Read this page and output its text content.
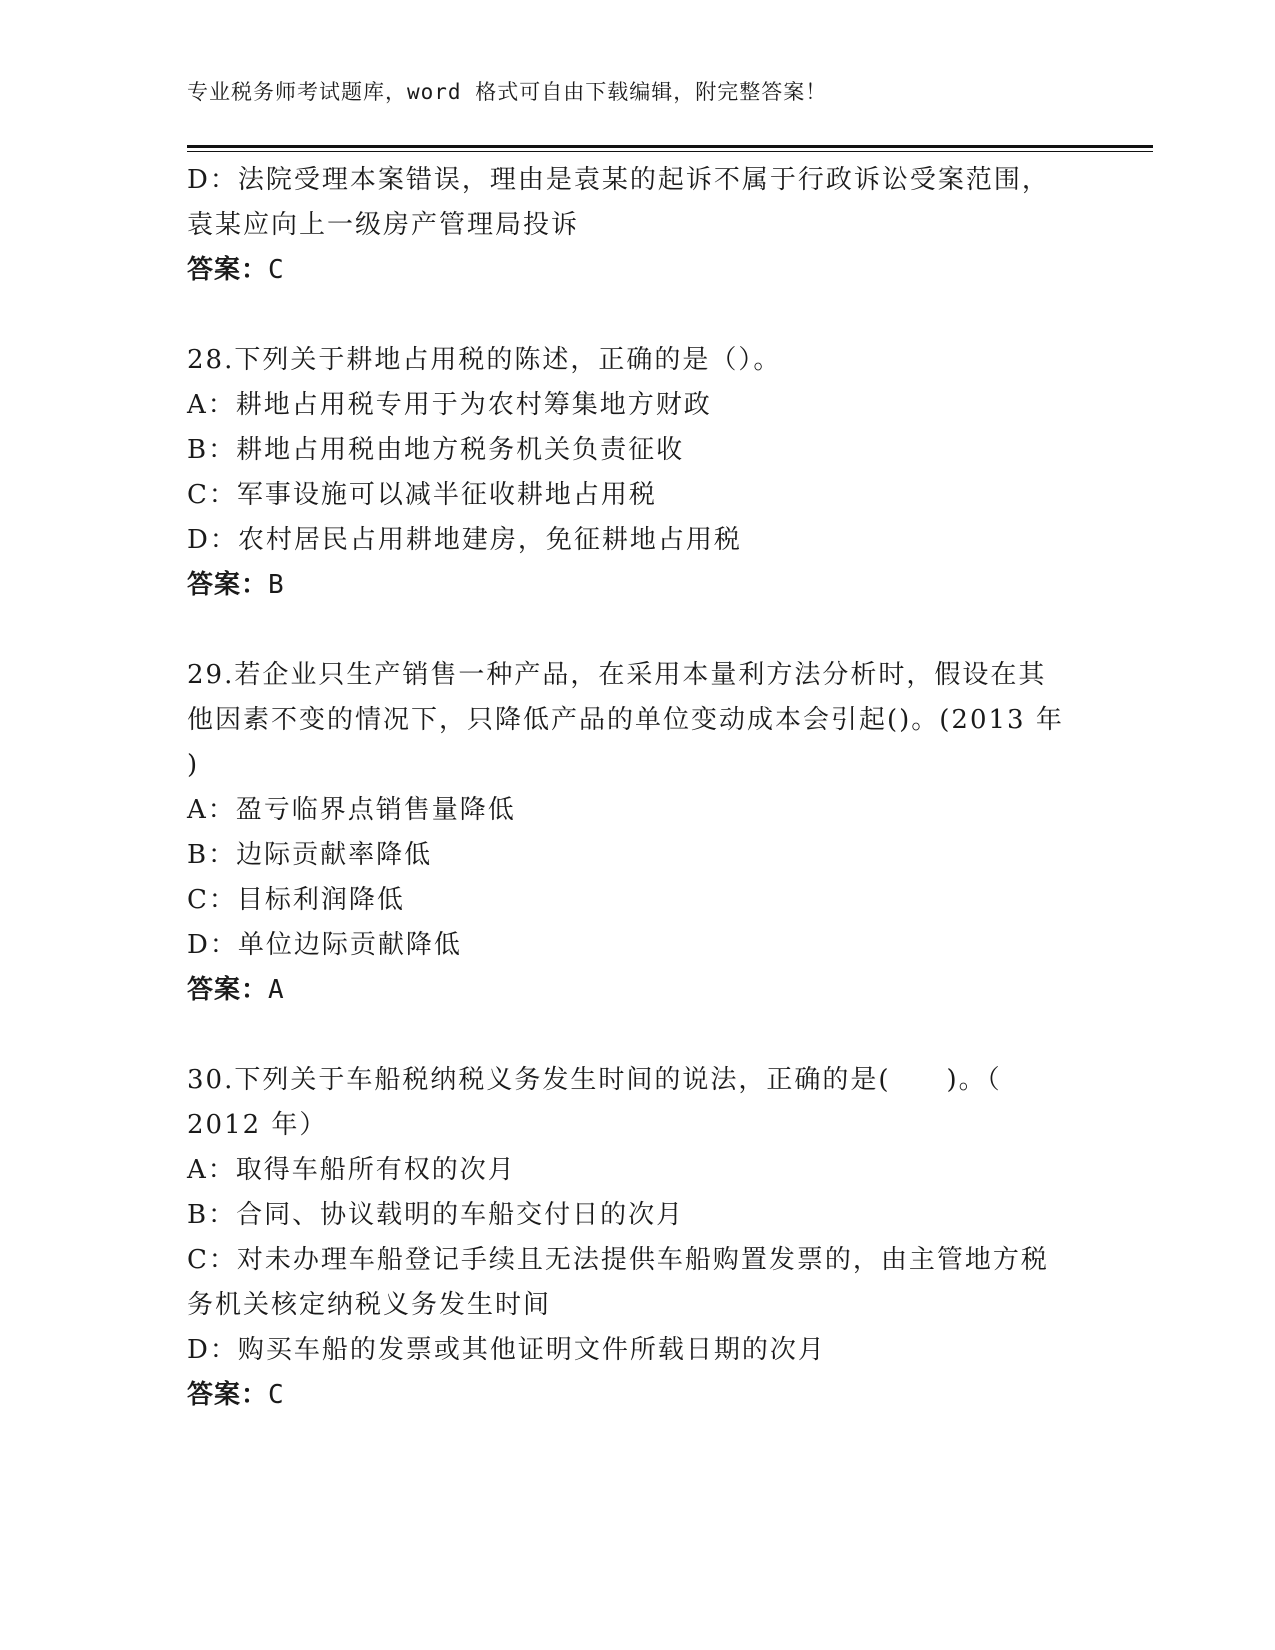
专业税务师考试题库，word 格式可自由下载编辑，附完整答案！
D：法院受理本案错误，理由是袁某的起诉不属于行政诉讼受案范围，
袁某应向上一级房产管理局投诉
答案：C
28.下列关于耕地占用税的陈述，正确的是（）。
A：耕地占用税专用于为农村筹集地方财政
B：耕地占用税由地方税务机关负责征收
C：军事设施可以减半征收耕地占用税
D：农村居民占用耕地建房，免征耕地占用税
答案：B
29.若企业只生产销售一种产品，在采用本量利方法分析时，假设在其
他因素不变的情况下，只降低产品的单位变动成本会引起()。(2013 年
)
A：盈亏临界点销售量降低
B：边际贡献率降低
C：目标利润降低
D：单位边际贡献降低
答案：A
30.下列关于车船税纳税义务发生时间的说法，正确的是(　　)。（
2012 年）
A：取得车船所有权的次月
B：合同、协议载明的车船交付日的次月
C：对未办理车船登记手续且无法提供车船购置发票的，由主管地方税
务机关核定纳税义务发生时间
D：购买车船的发票或其他证明文件所载日期的次月
答案：C
